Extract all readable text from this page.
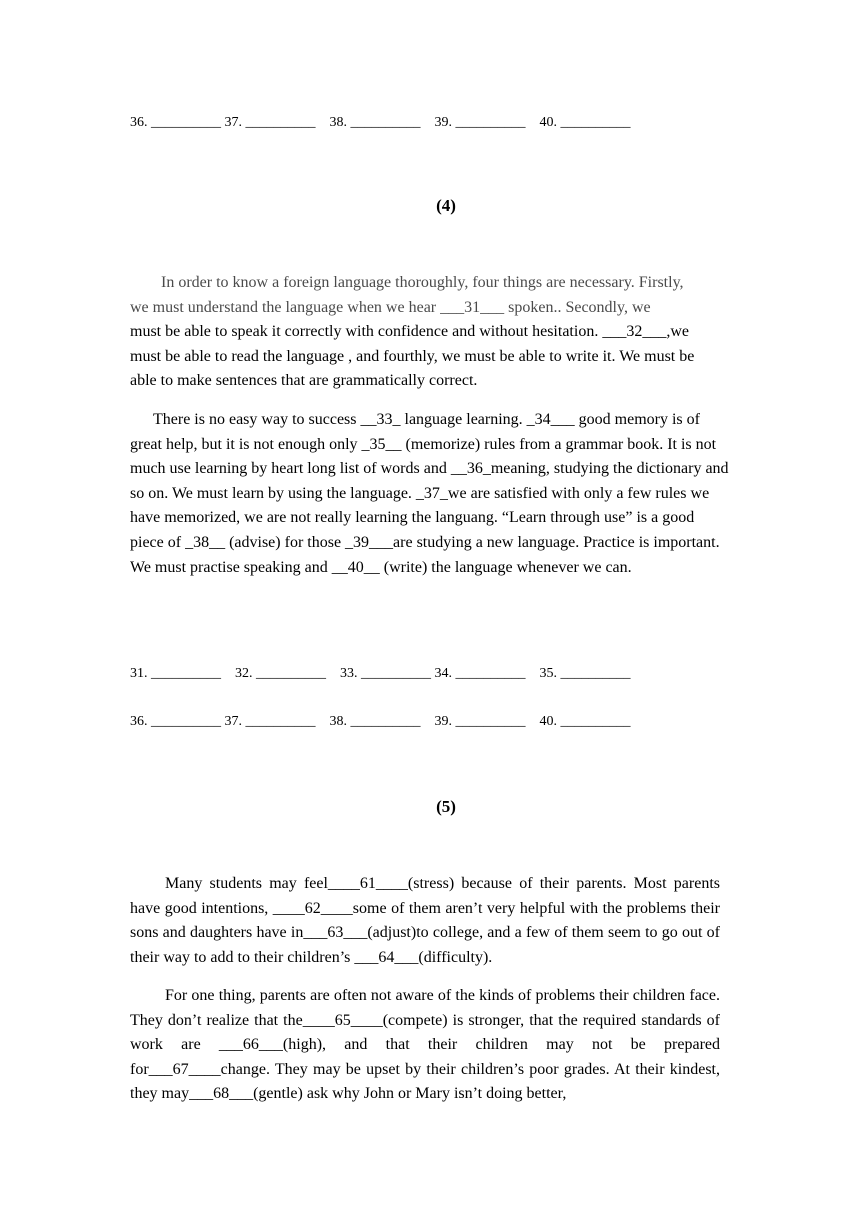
36. __________ 37. __________    38. __________    39. __________    40. __________
(4)

In order to know a foreign language thoroughly, four things are necessary. Firstly,

we must understand the language when we hear ___31___ spoken.. Secondly, we

must be able to speak it correctly with confidence and without hesitation. ___32___,we must be able to read the language , and fourthly, we must be able to write it. We must be able to make sentences that are grammatically correct.

There is no easy way to success __33_ language learning. _34___ good memory is of great help, but it is not enough only _35__ (memorize) rules from a grammar book. It is not much use learning by heart long list of words and __36_meaning, studying the dictionary and so on. We must learn by using the language. _37_we are satisfied with only a few rules we have memorized, we are not really learning the languang. “Learn through use” is a good piece of _38__ (advise) for those _39___are studying a new language. Practice is important. We must practise speaking and __40__ (write) the language whenever we can.

31. __________    32. __________    33. __________ 34. __________    35. __________
36. __________ 37. __________    38. __________    39. __________    40. __________
(5)

Many students may feel____61____(stress) because of their parents. Most parents have good intentions, ____62____some of them aren’t very helpful with the problems their sons and daughters have in___63___(adjust)to college, and a few of them seem to go out of their way to add to their children’s ___64___(difficulty).

For one thing, parents are often not aware of the kinds of problems their children face. They don’t realize that the____65____(compete) is stronger, that the required standards of work are ___66___(high), and that their children may not be prepared for___67____change. They may be upset by their children’s poor grades. At their kindest, they may___68___(gentle) ask why John or Mary isn’t doing better,
